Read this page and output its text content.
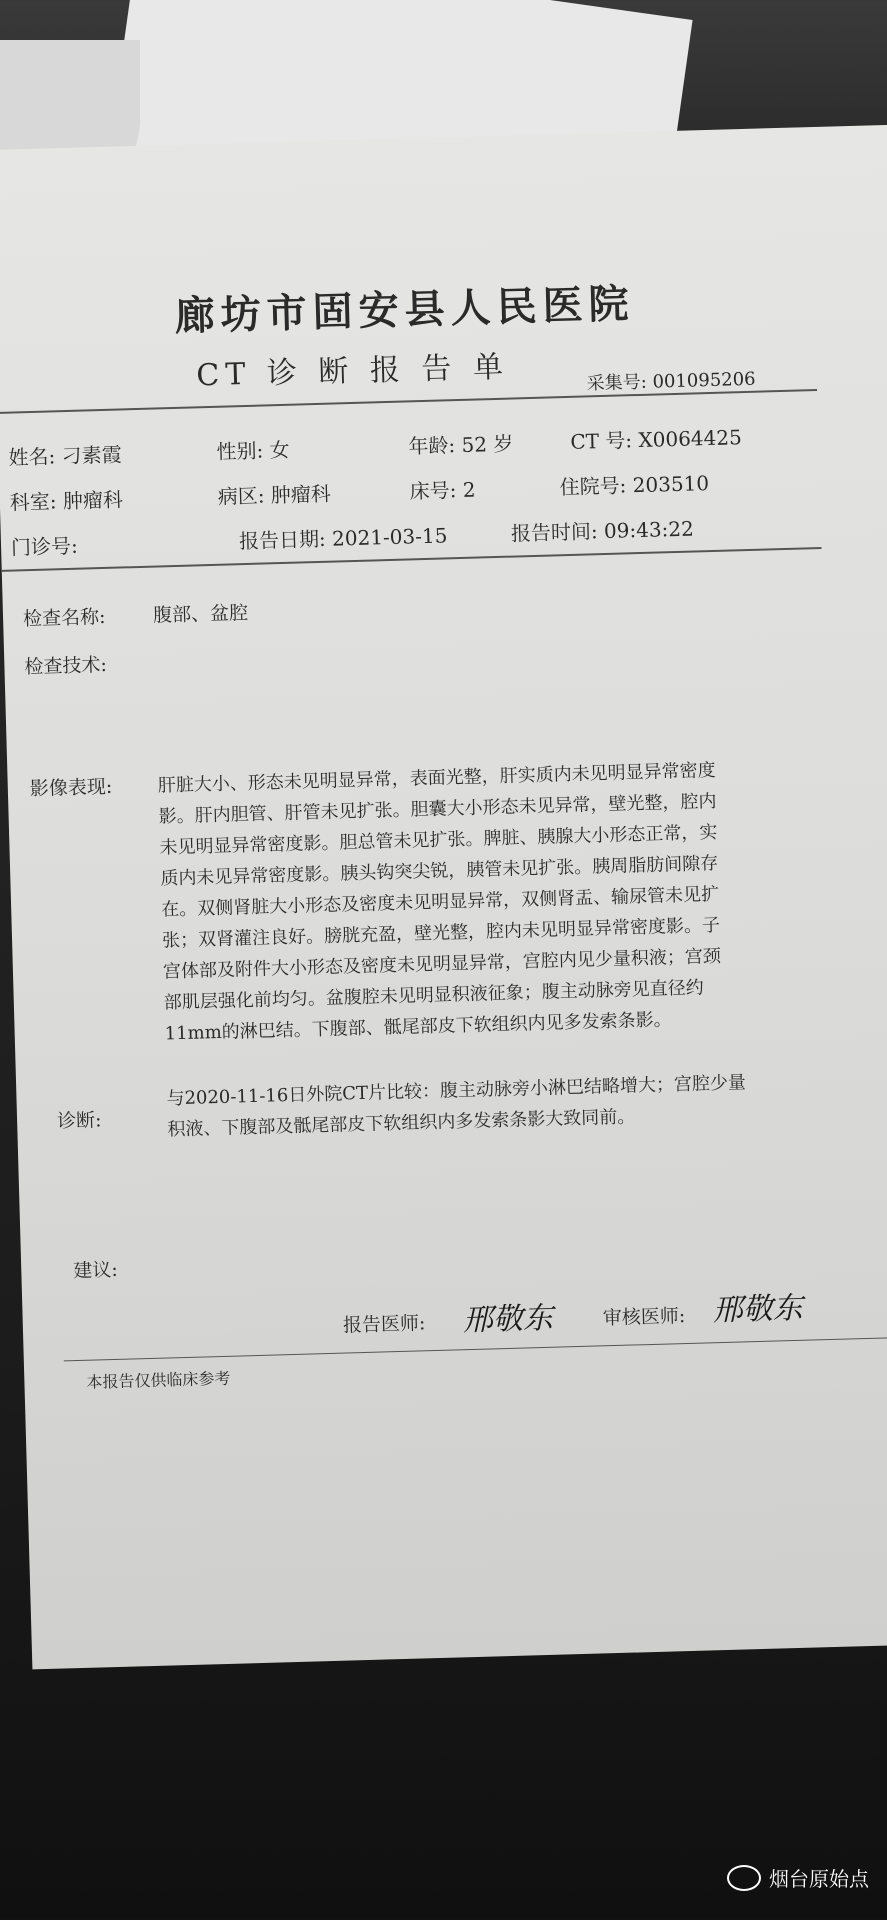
廊坊市固安县人民医院
CT 诊 断 报 告 单	采集号: 001095206
姓名: 刁素霞	性别: 女	年龄: 52 岁	CT 号: X0064425
科室: 肿瘤科	病区: 肿瘤科	床号: 2	住院号: 203510
门诊号:	报告日期: 2021-03-15	报告时间: 09:43:22
检查名称: 腹部、盆腔
检查技术:
影像表现: 肝脏大小、形态未见明显异常，表面光整，肝实质内未见明显异常密度
影。肝内胆管、肝管未见扩张。胆囊大小形态未见异常，壁光整，腔内
未见明显异常密度影。胆总管未见扩张。脾脏、胰腺大小形态正常，实
质内未见异常密度影。胰头钩突尖锐，胰管未见扩张。胰周脂肪间隙存
在。双侧肾脏大小形态及密度未见明显异常，双侧肾盂、输尿管未见扩
张；双肾灌注良好。膀胱充盈，壁光整，腔内未见明显异常密度影。子
宫体部及附件大小形态及密度未见明显异常，宫腔内见少量积液；宫颈
部肌层强化前均匀。盆腹腔未见明显积液征象；腹主动脉旁见直径约
11mm的淋巴结。下腹部、骶尾部皮下软组织内见多发索条影。
诊断:
与2020-11-16日外院CT片比较：腹主动脉旁小淋巴结略增大；宫腔少量
积液、下腹部及骶尾部皮下软组织内多发索条影大致同前。
建议:
报告医师: 邢敬东	审核医师: 邢敬东
本报告仅供临床参考
烟台原始点
